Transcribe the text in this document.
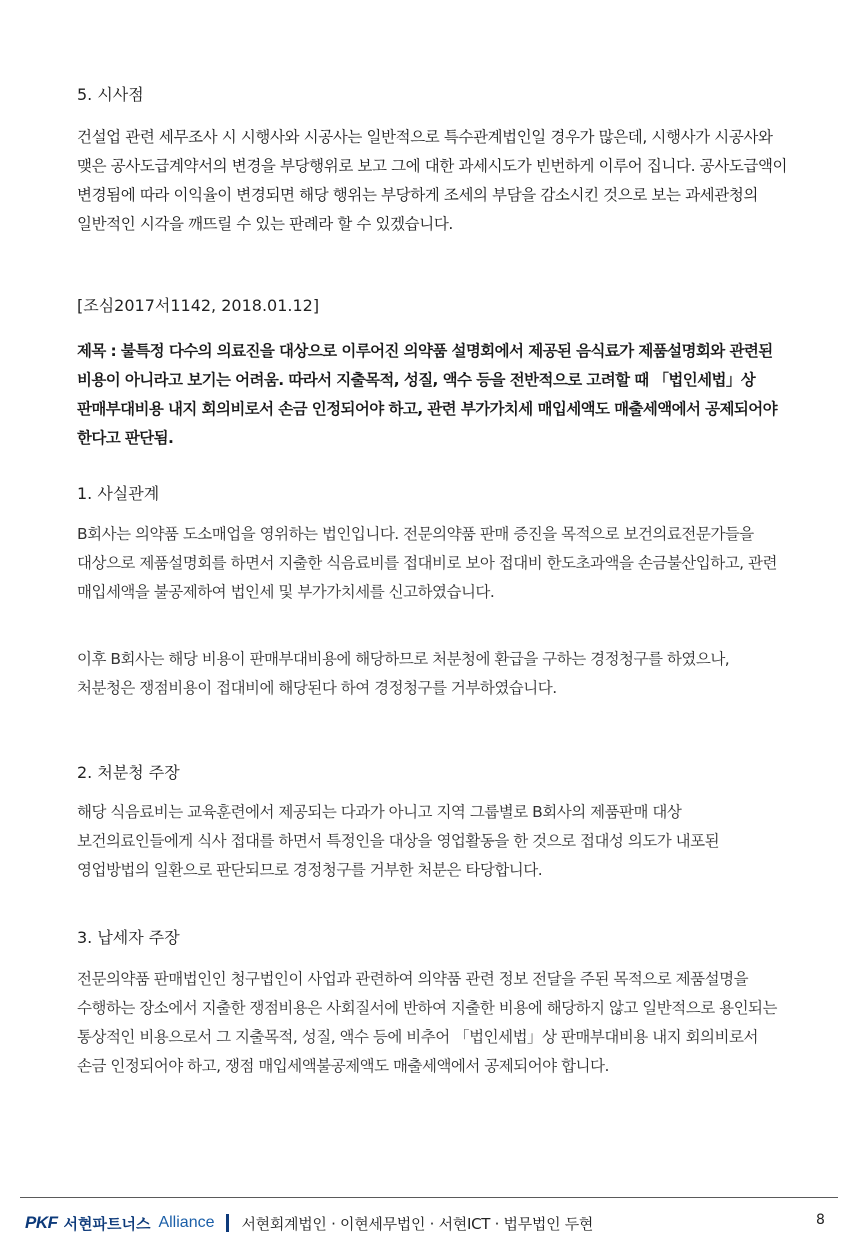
5. 시사점
건설업 관련 세무조사 시 시행사와 시공사는 일반적으로 특수관계법인일 경우가 많은데, 시행사가 시공사와 맺은 공사도급계약서의 변경을 부당행위로 보고 그에 대한 과세시도가 빈번하게 이루어 집니다. 공사도급액이 변경됨에 따라 이익율이 변경되면 해당 행위는 부당하게 조세의 부담을 감소시킨 것으로 보는 과세관청의 일반적인 시각을 깨뜨릴 수 있는 판례라 할 수 있겠습니다.
[조심2017서1142, 2018.01.12]
제목 : 불특정 다수의 의료진을 대상으로 이루어진 의약품 설명회에서 제공된 음식료가 제품설명회와 관련된 비용이 아니라고 보기는 어려움. 따라서 지출목적, 성질, 액수 등을 전반적으로 고려할 때 「법인세법」상 판매부대비용 내지 회의비로서 손금 인정되어야 하고, 관련 부가가치세 매입세액도 매출세액에서 공제되어야 한다고 판단됨.
1. 사실관계
B회사는 의약품 도소매업을 영위하는 법인입니다. 전문의약품 판매 증진을 목적으로 보건의료전문가들을 대상으로 제품설명회를 하면서 지출한 식음료비를 접대비로 보아 접대비 한도초과액을 손금불산입하고, 관련 매입세액을 불공제하여 법인세 및 부가가치세를 신고하였습니다.
이후 B회사는 해당 비용이 판매부대비용에 해당하므로 처분청에 환급을 구하는 경정청구를 하였으나, 처분청은 쟁점비용이 접대비에 해당된다 하여 경정청구를 거부하였습니다.
2. 처분청 주장
해당 식음료비는 교육훈련에서 제공되는 다과가 아니고 지역 그룹별로 B회사의 제품판매 대상 보건의료인들에게 식사 접대를 하면서 특정인을 대상을 영업활동을 한 것으로 접대성 의도가 내포된 영업방법의 일환으로 판단되므로 경정청구를 거부한 처분은 타당합니다.
3. 납세자 주장
전문의약품 판매법인인 청구법인이 사업과 관련하여 의약품 관련 정보 전달을 주된 목적으로 제품설명을 수행하는 장소에서 지출한 쟁점비용은 사회질서에 반하여 지출한 비용에 해당하지 않고 일반적으로 용인되는 통상적인 비용으로서 그 지출목적, 성질, 액수 등에 비추어 「법인세법」상 판매부대비용 내지 회의비로서 손금 인정되어야 하고, 쟁점 매입세액불공제액도 매출세액에서 공제되어야 합니다.
PKF 서현파트너스 Alliance 서현회계법인 · 이현세무법인 · 서현ICT · 법무법인 두현	8
